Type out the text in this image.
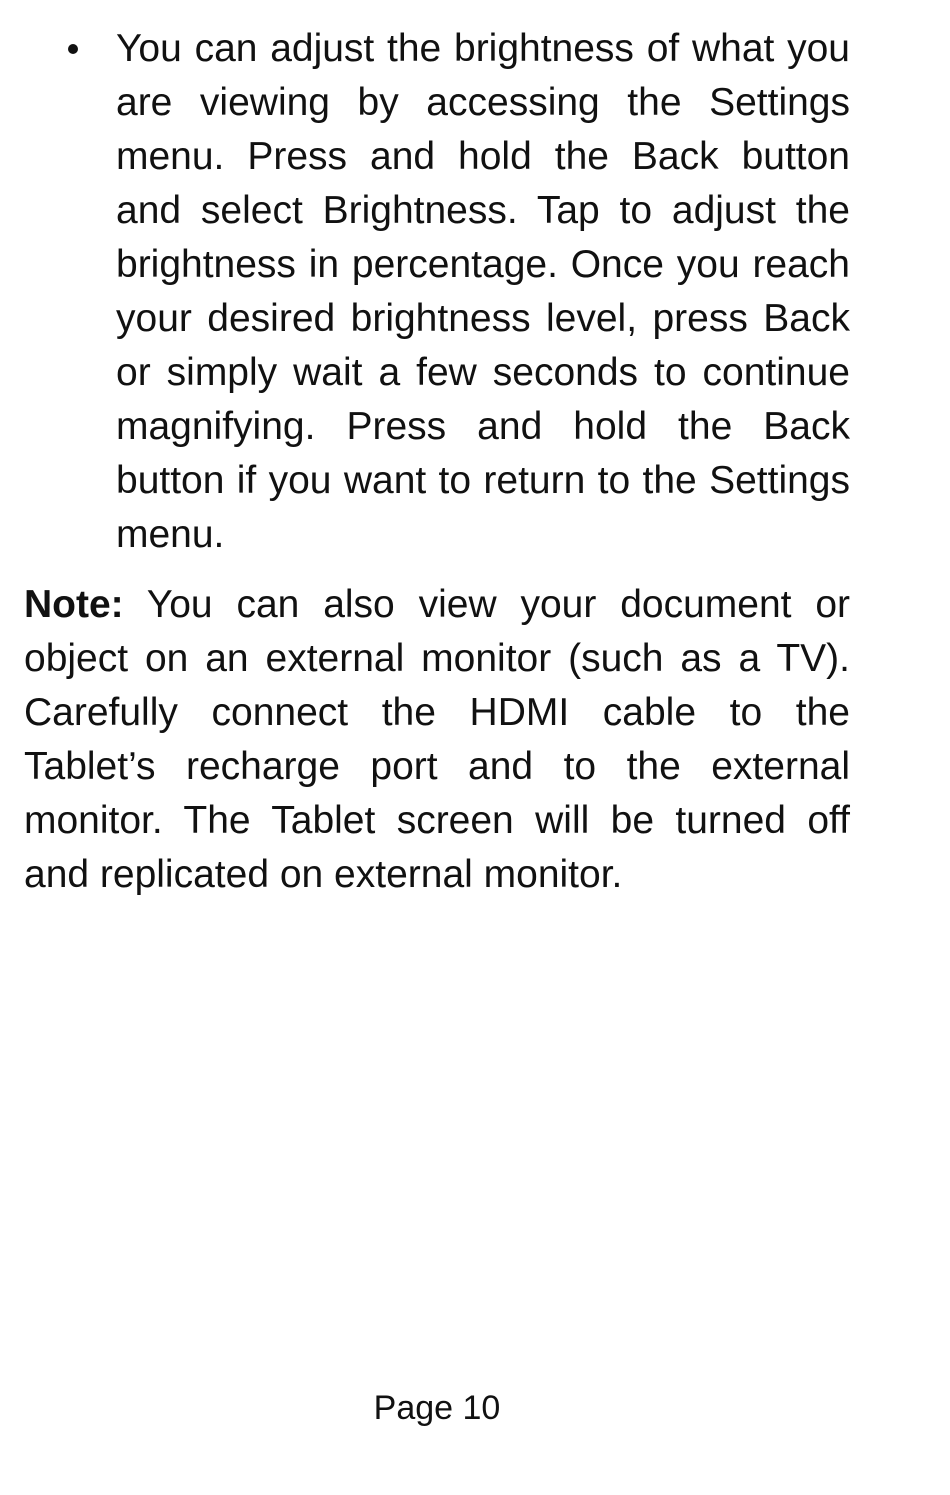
You can adjust the brightness of what you are viewing by accessing the Settings menu. Press and hold the Back button and select Brightness. Tap to adjust the brightness in percentage. Once you reach your desired brightness level, press Back or simply wait a few seconds to continue magnifying. Press and hold the Back button if you want to return to the Settings menu.

Note: You can also view your document or object on an external monitor (such as a TV). Carefully connect the HDMI cable to the Tablet’s recharge port and to the external monitor. The Tablet screen will be turned off and replicated on external monitor.

Page 10
